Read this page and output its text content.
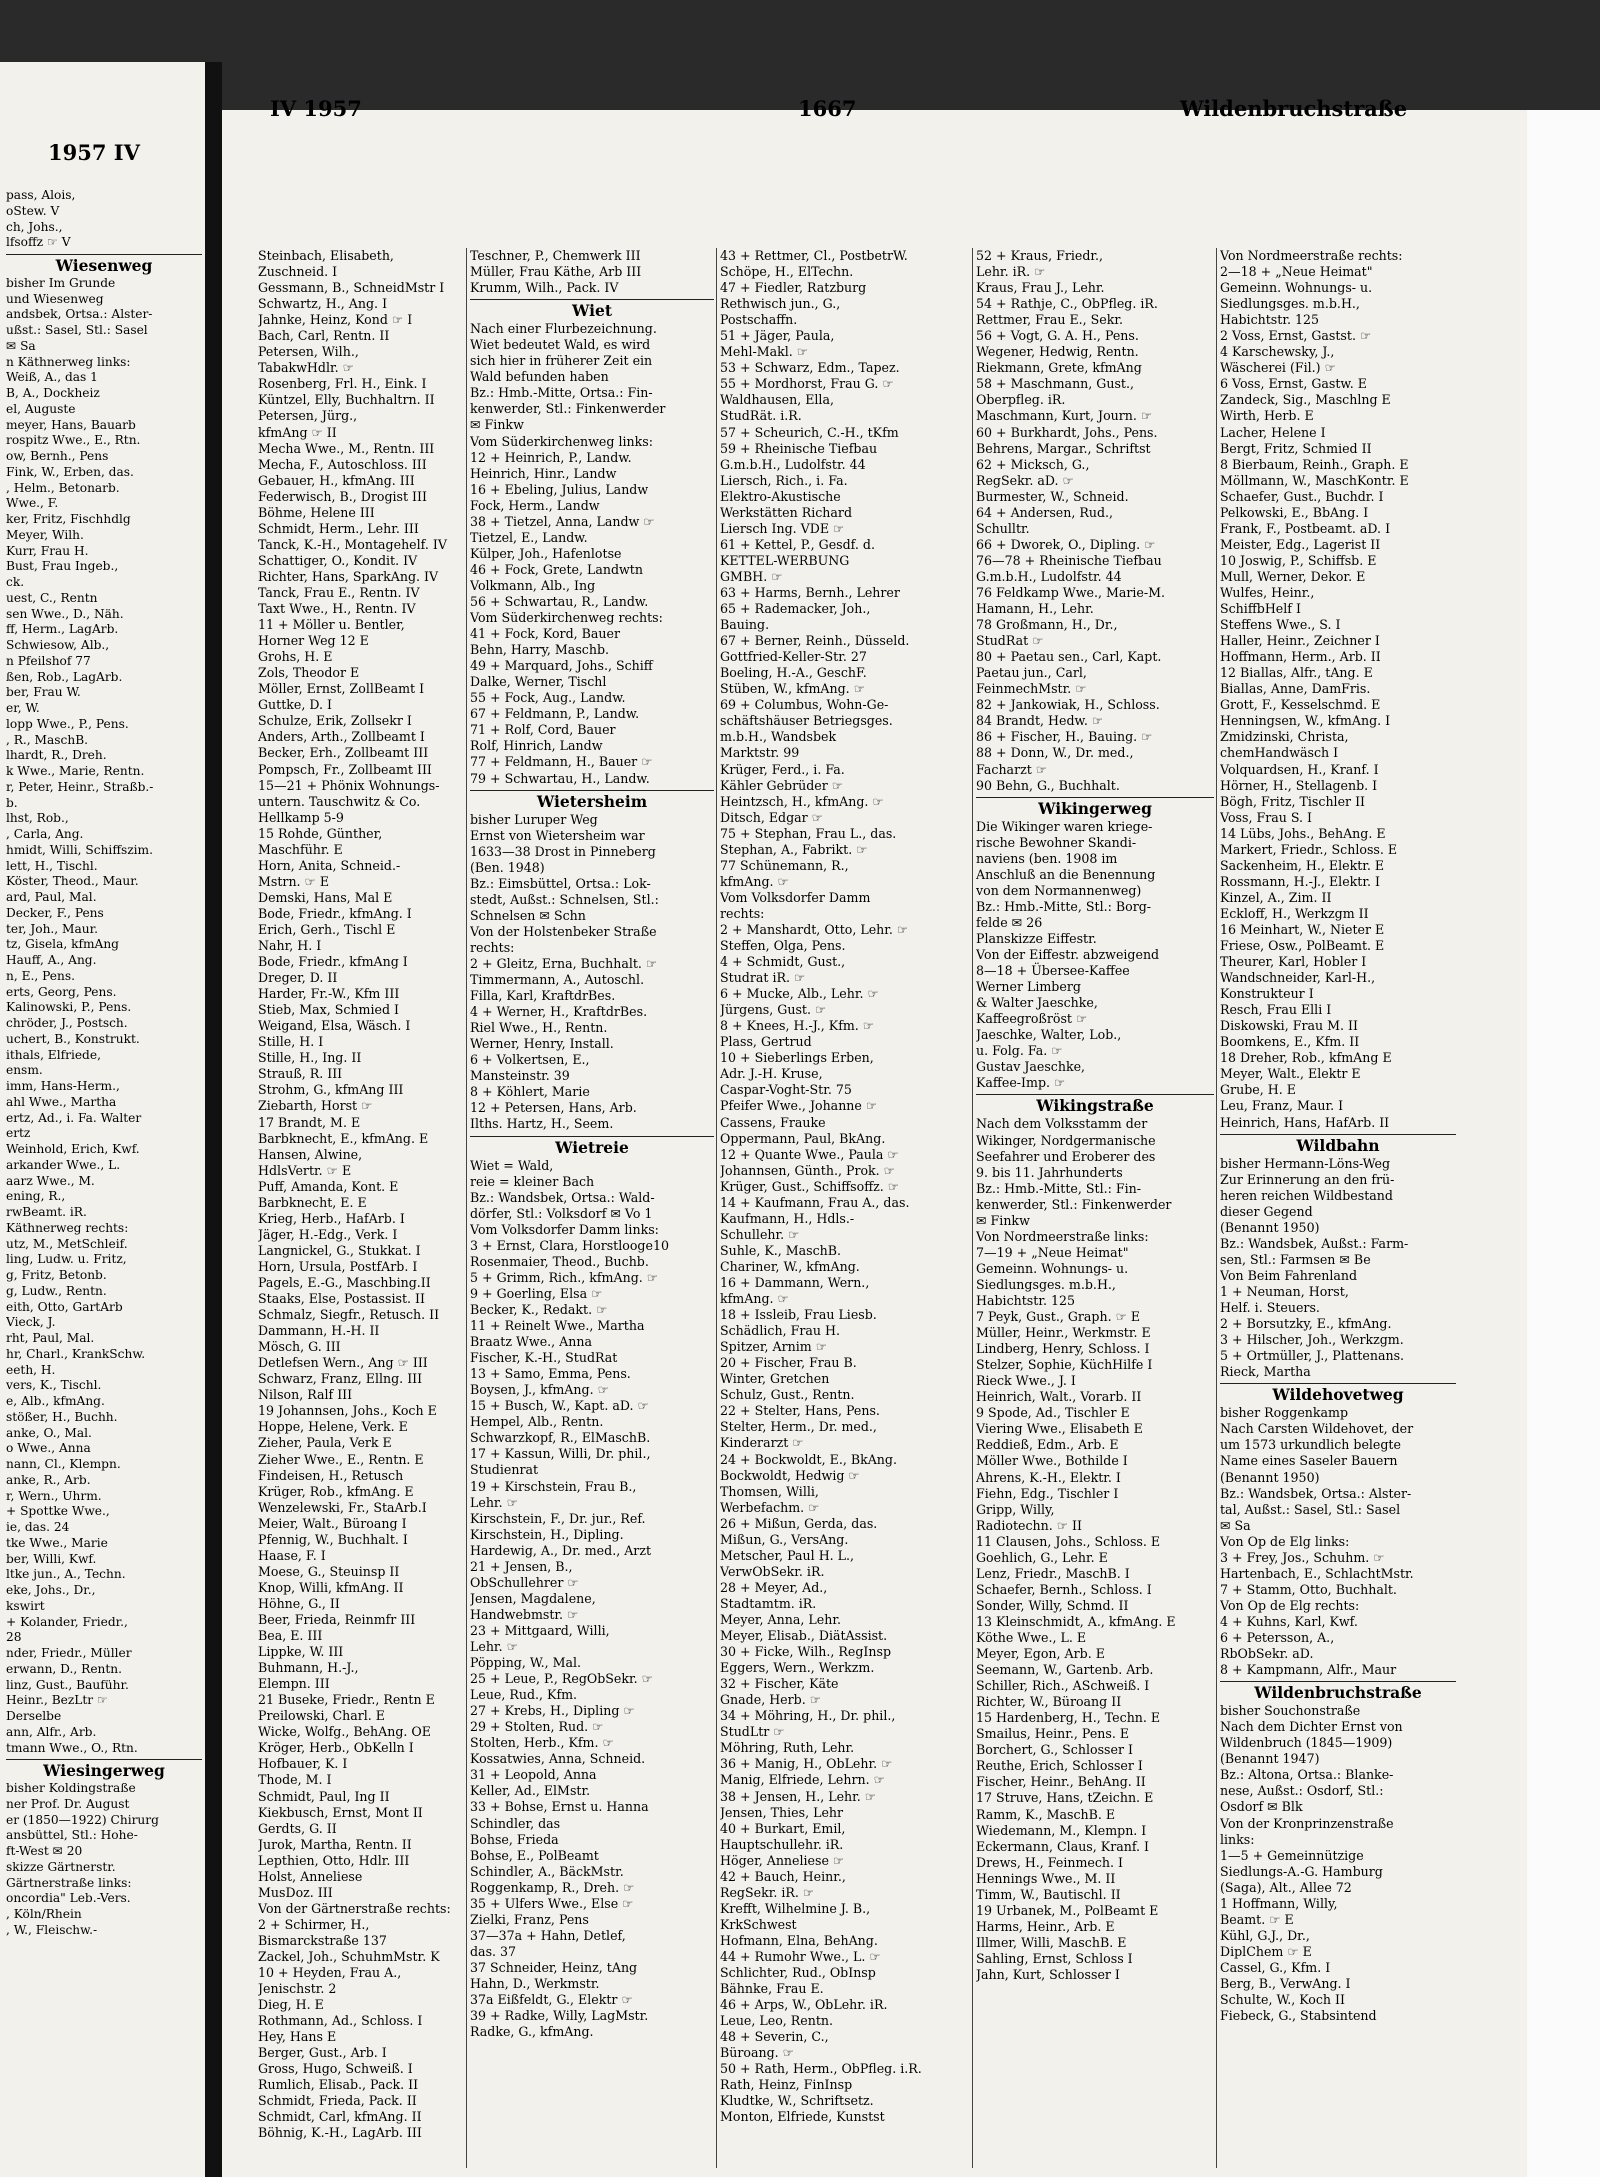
1957 IV
pass, Alois,
oStew. V
ch, Johs.,
lfsoffz ☞ V
Wiesenweg
bisher Im Grunde
und Wiesenweg
andsbek, Ortsa.: Alster-
ußst.: Sasel, Stl.: Sasel
✉ Sa
n Käthnerweg links:
Weiß, A., das 1
B, A., Dockheiz
el, Auguste
meyer, Hans, Bauarb
rospitz Wwe., E., Rtn.
ow, Bernh., Pens
Fink, W., Erben, das.
, Helm., Betonarb.
Wwe., F.
ker, Fritz, Fischhdlg
Meyer, Wilh.
Kurr, Frau H.
Bust, Frau Ingeb.,
ck.
uest, C., Rentn
sen Wwe., D., Näh.
ff, Herm., LagArb.
Schwiesow, Alb.,
n Pfeilshof 77
ßen, Rob., LagArb.
ber, Frau W.
er, W.
lopp Wwe., P., Pens.
, R., MaschB.
lhardt, R., Dreh.
k Wwe., Marie, Rentn.
r, Peter, Heinr., Straßb.-
b.
lhst, Rob.,
, Carla, Ang.
hmidt, Willi, Schiffszim.
lett, H., Tischl.
Köster, Theod., Maur.
ard, Paul, Mal.
Decker, F., Pens
ter, Joh., Maur.
tz, Gisela, kfmAng
Hauff, A., Ang.
n, E., Pens.
erts, Georg, Pens.
Kalinowski, P., Pens.
chröder, J., Postsch.
uchert, B., Konstrukt.
ithals, Elfriede,
ensm.
imm, Hans-Herm.,
ahl Wwe., Martha
ertz, Ad., i. Fa. Walter
ertz
Weinhold, Erich, Kwf.
arkander Wwe., L.
aarz Wwe., M.
ening, R.,
rwBeamt. iR.
Käthnerweg rechts:
utz, M., MetSchleif.
ling, Ludw. u. Fritz,
g, Fritz, Betonb.
g, Ludw., Rentn.
eith, Otto, GartArb
Vieck, J.
rht, Paul, Mal.
hr, Charl., KrankSchw.
eeth, H.
vers, K., Tischl.
e, Alb., kfmAng.
stößer, H., Buchh.
anke, O., Mal.
o Wwe., Anna
nann, Cl., Klempn.
anke, R., Arb.
r, Wern., Uhrm.
+ Spottke Wwe.,
ie, das. 24
tke Wwe., Marie
ber, Willi, Kwf.
ltke jun., A., Techn.
eke, Johs., Dr.,
kswirt
+ Kolander, Friedr.,
28
nder, Friedr., Müller
erwann, D., Rentn.
linz, Gust., Bauführ.
Heinr., BezLtr ☞
Derselbe
ann, Alfr., Arb.
tmann Wwe., O., Rtn.
Wiesingerweg
bisher Koldingstraße
ner Prof. Dr. August
er (1850—1922) Chirurg
ansbüttel, Stl.: Hohe-
ft-West ✉ 20
skizze Gärtnerstr.
Gärtnerstraße links:
oncordia" Leb.-Vers.
, Köln/Rhein
, W., Fleischw.-
IV 1957	1667	Wildenbruchstraße
Steinbach, Elisabeth,
Zuschneid. I
Gessmann, B., SchneidMstr I
Schwartz, H., Ang. I
Jahnke, Heinz, Kond ☞ I
Bach, Carl, Rentn. II
Petersen, Wilh.,
TabakwHdlr. ☞
Rosenberg, Frl. H., Eink. I
Küntzel, Elly, Buchhaltrn. II
Petersen, Jürg.,
kfmAng ☞ II
Mecha Wwe., M., Rentn. III
Mecha, F., Autoschloss. III
Gebauer, H., kfmAng. III
Federwisch, B., Drogist III
Böhme, Helene III
Schmidt, Herm., Lehr. III
Tanck, K.-H., Montagehelf. IV
Schattiger, O., Kondit. IV
Richter, Hans, SparkAng. IV
Tanck, Frau E., Rentn. IV
Taxt Wwe., H., Rentn. IV
11 + Möller u. Bentler,
Horner Weg 12 E
Grohs, H. E
Zols, Theodor E
Möller, Ernst, ZollBeamt I
Guttke, D. I
Schulze, Erik, Zollsekr I
Anders, Arth., Zollbeamt I
Becker, Erh., Zollbeamt III
Pompsch, Fr., Zollbeamt III
15—21 + Phönix Wohnungs-
untern. Tauschwitz & Co.
Hellkamp 5-9
15 Rohde, Günther,
Maschführ. E
Horn, Anita, Schneid.-
Mstrn. ☞ E
Demski, Hans, Mal E
Bode, Friedr., kfmAng. I
Erich, Gerh., Tischl E
Nahr, H. I
Bode, Friedr., kfmAng I
Dreger, D. II
Harder, Fr.-W., Kfm III
Stieb, Max, Schmied I
Weigand, Elsa, Wäsch. I
Stille, H. I
Stille, H., Ing. II
Strauß, R. III
Strohm, G., kfmAng III
Ziebarth, Horst ☞
17 Brandt, M. E
Barbknecht, E., kfmAng. E
Hansen, Alwine,
HdlsVertr. ☞ E
Puff, Amanda, Kont. E
Barbknecht, E. E
Krieg, Herb., HafArb. I
Jäger, H.-Edg., Verk. I
Langnickel, G., Stukkat. I
Horn, Ursula, PostfArb. I
Pagels, E.-G., Maschbing.II
Staaks, Else, Postassist. II
Schmalz, Siegfr., Retusch. II
Dammann, H.-H. II
Mösch, G. III
Detlefsen Wern., Ang ☞ III
Schwarz, Franz, Ellng. III
Nilson, Ralf III
19 Johannsen, Johs., Koch E
Hoppe, Helene, Verk. E
Zieher, Paula, Verk E
Zieher Wwe., E., Rentn. E
Findeisen, H., Retusch
Krüger, Rob., kfmAng. E
Wenzelewski, Fr., StaArb.I
Meier, Walt., Büroang I
Pfennig, W., Buchhalt. I
Haase, F. I
Moese, G., Steuinsp II
Knop, Willi, kfmAng. II
Höhne, G., II
Beer, Frieda, Reinmfr III
Bea, E. III
Lippke, W. III
Buhmann, H.-J.,
Elempn. III
21 Buseke, Friedr., Rentn E
Preilowski, Charl. E
Wicke, Wolfg., BehAng. OE
Kröger, Herb., ObKelln I
Hofbauer, K. I
Thode, M. I
Schmidt, Paul, Ing II
Kiekbusch, Ernst, Mont II
Gerdts, G. II
Jurok, Martha, Rentn. II
Lepthien, Otto, Hdlr. III
Holst, Anneliese
MusDoz. III
Von der Gärtnerstraße rechts:
2 + Schirmer, H.,
Bismarckstraße 137
Zackel, Joh., SchuhmMstr. K
10 + Heyden, Frau A.,
Jenischstr. 2
Dieg, H. E
Rothmann, Ad., Schloss. I
Hey, Hans E
Berger, Gust., Arb. I
Gross, Hugo, Schweiß. I
Rumlich, Elisab., Pack. II
Schmidt, Frieda, Pack. II
Schmidt, Carl, kfmAng. II
Böhnig, K.-H., LagArb. III
Teschner, P., Chemwerk III
Müller, Frau Käthe, Arb III
Krumm, Wilh., Pack. IV
Wiet
Nach einer Flurbezeichnung.
Wiet bedeutet Wald, es wird
sich hier in früherer Zeit ein
Wald befunden haben
Bz.: Hmb.-Mitte, Ortsa.: Fin-
kenwerder, Stl.: Finkenwerder
✉ Finkw
Vom Süderkirchenweg links:
12 + Heinrich, P., Landw.
Heinrich, Hinr., Landw
16 + Ebeling, Julius, Landw
Fock, Herm., Landw
38 + Tietzel, Anna, Landw ☞
Tietzel, E., Landw.
Külper, Joh., Hafenlotse
46 + Fock, Grete, Landwtn
Volkmann, Alb., Ing
56 + Schwartau, R., Landw.
Vom Süderkirchenweg rechts:
41 + Fock, Kord, Bauer
Behn, Harry, Maschb.
49 + Marquard, Johs., Schiff
Dalke, Werner, Tischl
55 + Fock, Aug., Landw.
67 + Feldmann, P., Landw.
71 + Rolf, Cord, Bauer
Rolf, Hinrich, Landw
77 + Feldmann, H., Bauer ☞
79 + Schwartau, H., Landw.
Wietersheim
bisher Luruper Weg
Ernst von Wietersheim war
1633—38 Drost in Pinneberg
(Ben. 1948)
Bz.: Eimsbüttel, Ortsa.: Lok-
stedt, Außst.: Schnelsen, Stl.:
Schnelsen ✉ Schn
Von der Holstenbeker Straße
rechts:
2 + Gleitz, Erna, Buchhalt. ☞
Timmermann, A., Autoschl.
Filla, Karl, KraftdrBes.
4 + Werner, H., KraftdrBes.
Riel Wwe., H., Rentn.
Werner, Henry, Install.
6 + Volkertsen, E.,
Mansteinstr. 39
8 + Köhlert, Marie
12 + Petersen, Hans, Arb.
Ilths. Hartz, H., Seem.
Wietreie
Wiet = Wald,
reie = kleiner Bach
Bz.: Wandsbek, Ortsa.: Wald-
dörfer, Stl.: Volksdorf ✉ Vo 1
Vom Volksdorfer Damm links:
3 + Ernst, Clara, Horstlooge10
Rosenmaier, Theod., Buchb.
5 + Grimm, Rich., kfmAng. ☞
9 + Goerling, Elsa ☞
Becker, K., Redakt. ☞
11 + Reinelt Wwe., Martha
Braatz Wwe., Anna
Fischer, K.-H., StudRat
13 + Samo, Emma, Pens.
Boysen, J., kfmAng. ☞
15 + Busch, W., Kapt. aD. ☞
Hempel, Alb., Rentn.
Schwarzkopf, R., ElMaschB.
17 + Kassun, Willi, Dr. phil.,
Studienrat
19 + Kirschstein, Frau B.,
Lehr. ☞
Kirschstein, F., Dr. jur., Ref.
Kirschstein, H., Dipling.
Hardewig, A., Dr. med., Arzt
21 + Jensen, B.,
ObSchullehrer ☞
Jensen, Magdalene,
Handwebmstr. ☞
23 + Mittgaard, Willi,
Lehr. ☞
Pöpping, W., Mal.
25 + Leue, P., RegObSekr. ☞
Leue, Rud., Kfm.
27 + Krebs, H., Dipling ☞
29 + Stolten, Rud. ☞
Stolten, Herb., Kfm. ☞
Kossatwies, Anna, Schneid.
31 + Leopold, Anna
Keller, Ad., ElMstr.
33 + Bohse, Ernst u. Hanna
Schindler, das
Bohse, Frieda
Bohse, E., PolBeamt
Schindler, A., BäckMstr.
Roggenkamp, R., Dreh. ☞
35 + Ulfers Wwe., Else ☞
Zielki, Franz, Pens
37—37a + Hahn, Detlef,
das. 37
37 Schneider, Heinz, tAng
Hahn, D., Werkmstr.
37a Eißfeldt, G., Elektr ☞
39 + Radke, Willy, LagMstr.
Radke, G., kfmAng.
43 + Rettmer, Cl., PostbetrW.
Schöpe, H., ElTechn.
47 + Fiedler, Ratzburg
Rethwisch jun., G.,
Postschaffn.
51 + Jäger, Paula,
Mehl-Makl. ☞
53 + Schwarz, Edm., Tapez.
55 + Mordhorst, Frau G. ☞
Waldhausen, Ella,
StudRät. i.R.
57 + Scheurich, C.-H., tKfm
59 + Rheinische Tiefbau
G.m.b.H., Ludolfstr. 44
Liersch, Rich., i. Fa.
Elektro-Akustische
Werkstätten Richard
Liersch Ing. VDE ☞
61 + Kettel, P., Gesdf. d.
KETTEL-WERBUNG
GMBH. ☞
63 + Harms, Bernh., Lehrer
65 + Rademacker, Joh.,
Bauing.
67 + Berner, Reinh., Düsseld.
Gottfried-Keller-Str. 27
Boeling, H.-A., GeschF.
Stüben, W., kfmAng. ☞
69 + Columbus, Wohn-Ge-
schäftshäuser Betriegsges.
m.b.H., Wandsbek
Marktstr. 99
Krüger, Ferd., i. Fa.
Kähler Gebrüder ☞
Heintzsch, H., kfmAng. ☞
Ditsch, Edgar ☞
75 + Stephan, Frau L., das.
Stephan, A., Fabrikt. ☞
77 Schünemann, R.,
kfmAng. ☞
Vom Volksdorfer Damm
rechts:
2 + Manshardt, Otto, Lehr. ☞
Steffen, Olga, Pens.
4 + Schmidt, Gust.,
Studrat iR. ☞
6 + Mucke, Alb., Lehr. ☞
Jürgens, Gust. ☞
8 + Knees, H.-J., Kfm. ☞
Plass, Gertrud
10 + Sieberlings Erben,
Adr. J.-H. Kruse,
Caspar-Voght-Str. 75
Pfeifer Wwe., Johanne ☞
Cassens, Frauke
Oppermann, Paul, BkAng.
12 + Quante Wwe., Paula ☞
Johannsen, Günth., Prok. ☞
Krüger, Gust., Schiffsoffz. ☞
14 + Kaufmann, Frau A., das.
Kaufmann, H., Hdls.-
Schullehr. ☞
Suhle, K., MaschB.
Chariner, W., kfmAng.
16 + Dammann, Wern.,
kfmAng. ☞
18 + Issleib, Frau Liesb.
Schädlich, Frau H.
Spitzer, Arnim ☞
20 + Fischer, Frau B.
Winter, Gretchen
Schulz, Gust., Rentn.
22 + Stelter, Hans, Pens.
Stelter, Herm., Dr. med.,
Kinderarzt ☞
24 + Bockwoldt, E., BkAng.
Bockwoldt, Hedwig ☞
Thomsen, Willi,
Werbefachm. ☞
26 + Mißun, Gerda, das.
Mißun, G., VersAng.
Metscher, Paul H. L.,
VerwObSekr. iR.
28 + Meyer, Ad.,
Stadtamtm. iR.
Meyer, Anna, Lehr.
Meyer, Elisab., DiätAssist.
30 + Ficke, Wilh., RegInsp
Eggers, Wern., Werkzm.
32 + Fischer, Käte
Gnade, Herb. ☞
34 + Möhring, H., Dr. phil.,
StudLtr ☞
Möhring, Ruth, Lehr.
36 + Manig, H., ObLehr. ☞
Manig, Elfriede, Lehrn. ☞
38 + Jensen, H., Lehr. ☞
Jensen, Thies, Lehr
40 + Burkart, Emil,
Hauptschullehr. iR.
Höger, Anneliese ☞
42 + Bauch, Heinr.,
RegSekr. iR. ☞
Krefft, Wilhelmine J. B.,
KrkSchwest
Hofmann, Elna, BehAng.
44 + Rumohr Wwe., L. ☞
Schlichter, Rud., ObInsp
Bähnke, Frau E.
46 + Arps, W., ObLehr. iR.
Leue, Leo, Rentn.
48 + Severin, C.,
Büroang. ☞
50 + Rath, Herm., ObPfleg. i.R.
Rath, Heinz, FinInsp
Kludtke, W., Schriftsetz.
Monton, Elfriede, Kunstst
52 + Kraus, Friedr.,
Lehr. iR. ☞
Kraus, Frau J., Lehr.
54 + Rathje, C., ObPfleg. iR.
Rettmer, Frau E., Sekr.
56 + Vogt, G. A. H., Pens.
Wegener, Hedwig, Rentn.
Riekmann, Grete, kfmAng
58 + Maschmann, Gust.,
Oberpfleg. iR.
Maschmann, Kurt, Journ. ☞
60 + Burkhardt, Johs., Pens.
Behrens, Margar., Schriftst
62 + Micksch, G.,
RegSekr. aD. ☞
Burmester, W., Schneid.
64 + Andersen, Rud.,
Schulltr.
66 + Dworek, O., Dipling. ☞
76—78 + Rheinische Tiefbau
G.m.b.H., Ludolfstr. 44
76 Feldkamp Wwe., Marie-M.
Hamann, H., Lehr.
78 Großmann, H., Dr.,
StudRat ☞
80 + Paetau sen., Carl, Kapt.
Paetau jun., Carl,
FeinmechMstr. ☞
82 + Jankowiak, H., Schloss.
84 Brandt, Hedw. ☞
86 + Fischer, H., Bauing. ☞
88 + Donn, W., Dr. med.,
Facharzt ☞
90 Behn, G., Buchhalt.
Wikingerweg
Die Wikinger waren kriege-
rische Bewohner Skandi-
naviens (ben. 1908 im
Anschluß an die Benennung
von dem Normannenweg)
Bz.: Hmb.-Mitte, Stl.: Borg-
felde ✉ 26
Planskizze Eiffestr.
Von der Eiffestr. abzweigend
8—18 + Übersee-Kaffee
Werner Limberg
& Walter Jaeschke,
Kaffeegroßröst ☞
Jaeschke, Walter, Lob.,
u. Folg. Fa. ☞
Gustav Jaeschke,
Kaffee-Imp. ☞
Wikingstraße
Nach dem Volksstamm der
Wikinger, Nordgermanische
Seefahrer und Eroberer des
9. bis 11. Jahrhunderts
Bz.: Hmb.-Mitte, Stl.: Fin-
kenwerder, Stl.: Finkenwerder
✉ Finkw
Von Nordmeerstraße links:
7—19 + „Neue Heimat"
Gemeinn. Wohnungs- u.
Siedlungsges. m.b.H.,
Habichtstr. 125
7 Peyk, Gust., Graph. ☞ E
Müller, Heinr., Werkmstr. E
Lindberg, Henry, Schloss. I
Stelzer, Sophie, KüchHilfe I
Rieck Wwe., J. I
Heinrich, Walt., Vorarb. II
9 Spode, Ad., Tischler E
Viering Wwe., Elisabeth E
Reddieß, Edm., Arb. E
Möller Wwe., Bothilde I
Ahrens, K.-H., Elektr. I
Fiehn, Edg., Tischler I
Gripp, Willy,
Radiotechn. ☞ II
11 Clausen, Johs., Schloss. E
Goehlich, G., Lehr. E
Lenz, Friedr., MaschB. I
Schaefer, Bernh., Schloss. I
Sonder, Willy, Schmd. II
13 Kleinschmidt, A., kfmAng. E
Köthe Wwe., L. E
Meyer, Egon, Arb. E
Seemann, W., Gartenb. Arb.
Schiller, Rich., ASchweiß. I
Richter, W., Büroang II
15 Hardenberg, H., Techn. E
Smailus, Heinr., Pens. E
Borchert, G., Schlosser I
Reuthe, Erich, Schlosser I
Fischer, Heinr., BehAng. II
17 Struve, Hans, tZeichn. E
Ramm, K., MaschB. E
Wiedemann, M., Klempn. I
Eckermann, Claus, Kranf. I
Drews, H., Feinmech. I
Hennings Wwe., M. II
Timm, W., Bautischl. II
19 Urbanek, M., PolBeamt E
Harms, Heinr., Arb. E
Illmer, Willi, MaschB. E
Sahling, Ernst, Schloss I
Jahn, Kurt, Schlosser I
Von Nordmeerstraße rechts:
2—18 + „Neue Heimat"
Gemeinn. Wohnungs- u.
Siedlungsges. m.b.H.,
Habichtstr. 125
2 Voss, Ernst, Gastst. ☞
4 Karschewsky, J.,
Wäscherei (Fil.) ☞
6 Voss, Ernst, Gastw. E
Zandeck, Sig., Maschlng E
Wirth, Herb. E
Lacher, Helene I
Bergt, Fritz, Schmied II
8 Bierbaum, Reinh., Graph. E
Möllmann, W., MaschKontr. E
Schaefer, Gust., Buchdr. I
Pelkowski, E., BbAng. I
Frank, F., Postbeamt. aD. I
Meister, Edg., Lagerist II
10 Joswig, P., Schiffsb. E
Mull, Werner, Dekor. E
Wulfes, Heinr.,
SchiffbHelf I
Steffens Wwe., S. I
Haller, Heinr., Zeichner I
Hoffmann, Herm., Arb. II
12 Biallas, Alfr., tAng. E
Biallas, Anne, DamFris.
Grott, F., Kesselschmd. E
Henningsen, W., kfmAng. I
Zmidzinski, Christa,
chemHandwäsch I
Volquardsen, H., Kranf. I
Hörner, H., Stellagenb. I
Bögh, Fritz, Tischler II
Voss, Frau S. I
14 Lübs, Johs., BehAng. E
Markert, Friedr., Schloss. E
Sackenheim, H., Elektr. E
Rossmann, H.-J., Elektr. I
Kinzel, A., Zim. II
Eckloff, H., Werkzgm II
16 Meinhart, W., Nieter E
Friese, Osw., PolBeamt. E
Theurer, Karl, Hobler I
Wandschneider, Karl-H.,
Konstrukteur I
Resch, Frau Elli I
Diskowski, Frau M. II
Boomkens, E., Kfm. II
18 Dreher, Rob., kfmAng E
Meyer, Walt., Elektr E
Grube, H. E
Leu, Franz, Maur. I
Heinrich, Hans, HafArb. II
Wildbahn
bisher Hermann-Löns-Weg
Zur Erinnerung an den frü-
heren reichen Wildbestand
dieser Gegend
(Benannt 1950)
Bz.: Wandsbek, Außst.: Farm-
sen, Stl.: Farmsen ✉ Be
Von Beim Fahrenland
1 + Neuman, Horst,
Helf. i. Steuers.
2 + Borsutzky, E., kfmAng.
3 + Hilscher, Joh., Werkzgm.
5 + Ortmüller, J., Plattenans.
Rieck, Martha
Wildehovetweg
bisher Roggenkamp
Nach Carsten Wildehovet, der
um 1573 urkundlich belegte
Name eines Saseler Bauern
(Benannt 1950)
Bz.: Wandsbek, Ortsa.: Alster-
tal, Außst.: Sasel, Stl.: Sasel
✉ Sa
Von Op de Elg links:
3 + Frey, Jos., Schuhm. ☞
Hartenbach, E., SchlachtMstr.
7 + Stamm, Otto, Buchhalt.
Von Op de Elg rechts:
4 + Kuhns, Karl, Kwf.
6 + Petersson, A.,
RbObSekr. aD.
8 + Kampmann, Alfr., Maur
Wildenbruchstraße
bisher Souchonstraße
Nach dem Dichter Ernst von
Wildenbruch (1845—1909)
(Benannt 1947)
Bz.: Altona, Ortsa.: Blanke-
nese, Außst.: Osdorf, Stl.:
Osdorf ✉ Blk
Von der Kronprinzenstraße
links:
1—5 + Gemeinnützige
Siedlungs-A.-G. Hamburg
(Saga), Alt., Allee 72
1 Hoffmann, Willy,
Beamt. ☞ E
Kühl, G.J., Dr.,
DiplChem ☞ E
Cassel, G., Kfm. I
Berg, B., VerwAng. I
Schulte, W., Koch II
Fiebeck, G., Stabsintend
